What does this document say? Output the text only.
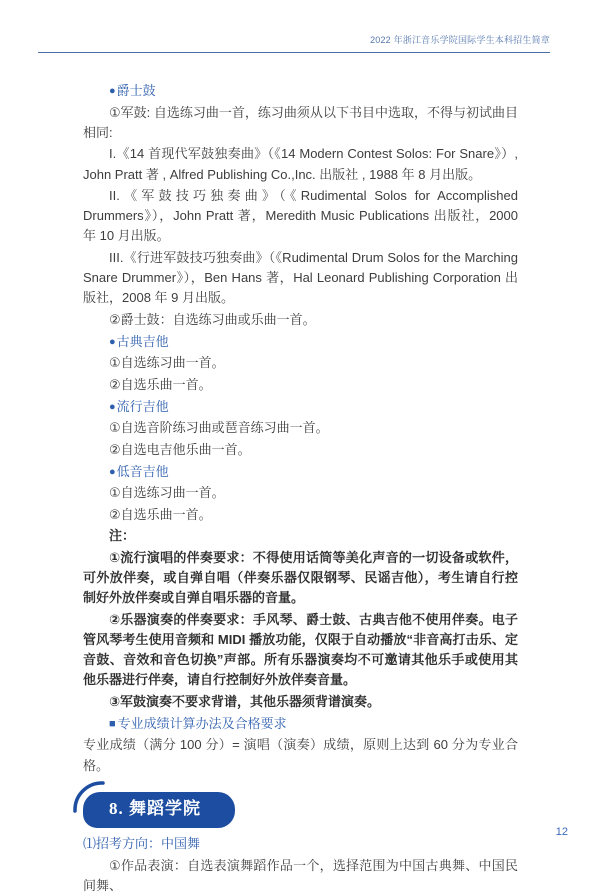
2022 年浙江音乐学院国际学生本科招生简章

●爵士鼓

①军鼓: 自选练习曲一首，练习曲须从以下书目中选取，不得与初试曲目相同:

I.《14 首现代军鼓独奏曲》（《14 Modern Contest Solos: For Snare》）, John Pratt 著 , Alfred Publishing Co.,Inc. 出版社 , 1988 年 8 月出版。

II.《军鼓技巧独奏曲》（《Rudimental Solos for Accomplished Drummers》），John Pratt 著，Meredith Music Publications 出版社，2000 年 10 月出版。

III.《行进军鼓技巧独奏曲》（《Rudimental Drum Solos for the Marching Snare Drummer》），Ben Hans 著，Hal Leonard Publishing Corporation 出版社，2008 年 9 月出版。

②爵士鼓：自选练习曲或乐曲一首。

●古典吉他

①自选练习曲一首。

②自选乐曲一首。

●流行吉他

①自选音阶练习曲或琶音练习曲一首。

②自选电吉他乐曲一首。

●低音吉他

①自选练习曲一首。

②自选乐曲一首。

注：

①流行演唱的伴奏要求：不得使用话筒等美化声音的一切设备或软件，可外放伴奏，或自弹自唱（伴奏乐器仅限钢琴、民谣吉他），考生请自行控制好外放伴奏或自弹自唱乐器的音量。

②乐器演奏的伴奏要求：手风琴、爵士鼓、古典吉他不使用伴奏。电子管风琴考生使用音频和 MIDI 播放功能，仅限于自动播放“非音高打击乐、定音鼓、音效和音色切换”声部。所有乐器演奏均不可邀请其他乐手或使用其他乐器进行伴奏，请自行控制好外放伴奏音量。

③军鼓演奏不要求背谱，其他乐器须背谱演奏。

■ 专业成绩计算办法及合格要求

专业成绩（满分 100 分）= 演唱（演奏）成绩，原则上达到 60 分为专业合格。

8. 舞蹈学院

⑴招考方向：中国舞

①作品表演：自选表演舞蹈作品一个，选择范围为中国古典舞、中国民间舞、

12
